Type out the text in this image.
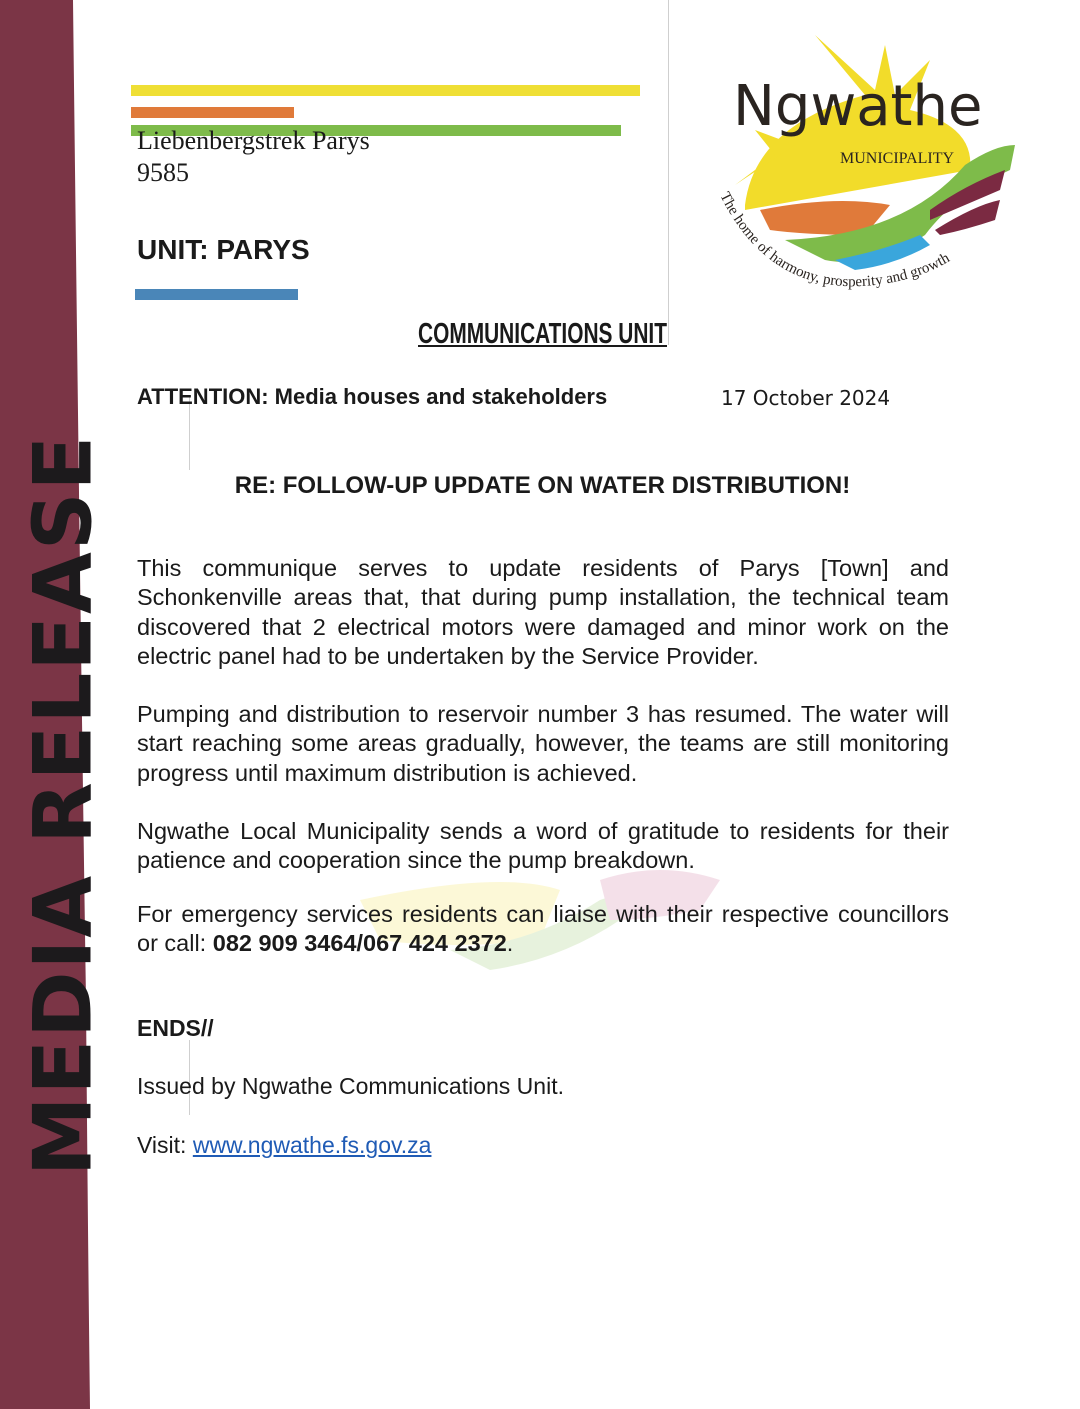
MEDIA RELEASE
Liebenbergstrek Parys
9585
UNIT: PARYS
COMMUNICATIONS UNIT
Ngwathe
MUNICIPALITY
The home of harmony, prosperity and growth
ATTENTION: Media houses and stakeholders	17 October 2024
RE: FOLLOW-UP UPDATE ON WATER DISTRIBUTION!

This communique serves to update residents of Parys [Town] and Schonkenville areas that, that during pump installation, the technical team discovered that 2 electrical motors were damaged and minor work on the electric panel had to be undertaken by the Service Provider.

Pumping and distribution to reservoir number 3 has resumed. The water will start reaching some areas gradually, however, the teams are still monitoring progress until maximum distribution is achieved.

Ngwathe Local Municipality sends a word of gratitude to residents for their patience and cooperation since the pump breakdown.

For emergency services residents can liaise with their respective councillors or call: 082 909 3464/067 424 2372.

ENDS//
Issued by Ngwathe Communications Unit.
Visit: www.ngwathe.fs.gov.za
